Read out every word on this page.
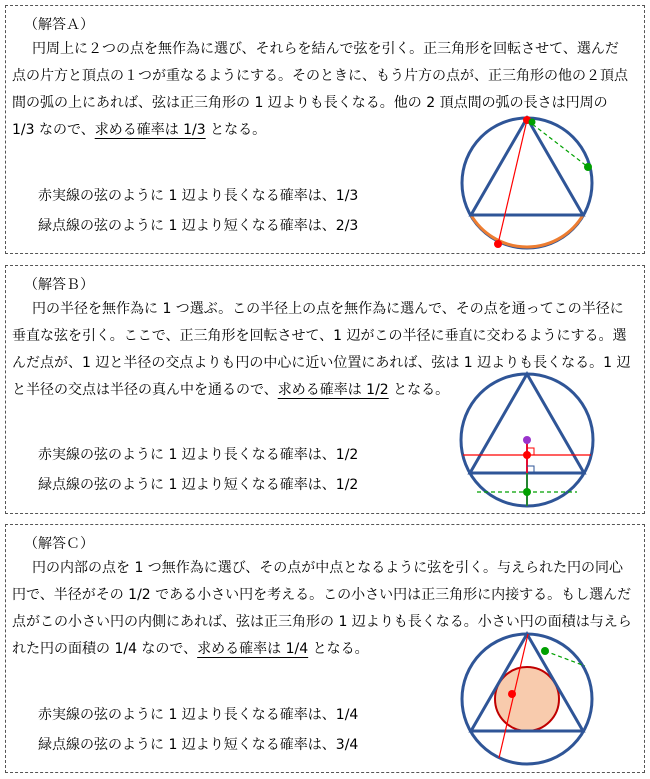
（解答Ａ）
円周上に２つの点を無作為に選び、それらを結んで弦を引く。正三角形を回転させて、選んだ点の片方と頂点の１つが重なるようにする。そのときに、もう片方の点が、正三角形の他の２頂点間の弧の上にあれば、弦は正三角形の 1 辺よりも長くなる。他の 2 頂点間の弧の長さは円周の 1/3 なので、求める確率は 1/3 となる。
赤実線の弦のように 1 辺より長くなる確率は、1/3
緑点線の弦のように 1 辺より短くなる確率は、2/3
（解答Ｂ）
円の半径を無作為に 1 つ選ぶ。この半径上の点を無作為に選んで、その点を通ってこの半径に垂直な弦を引く。ここで、正三角形を回転させて、1 辺がこの半径に垂直に交わるようにする。選んだ点が、1 辺と半径の交点よりも円の中心に近い位置にあれば、弦は 1 辺よりも長くなる。1 辺と半径の交点は半径の真ん中を通るので、求める確率は 1/2 となる。
赤実線の弦のように 1 辺より長くなる確率は、1/2
緑点線の弦のように 1 辺より短くなる確率は、1/2
（解答Ｃ）
円の内部の点を 1 つ無作為に選び、その点が中点となるように弦を引く。与えられた円の同心円で、半径がその 1/2 である小さい円を考える。この小さい円は正三角形に内接する。もし選んだ点がこの小さい円の内側にあれば、弦は正三角形の 1 辺よりも長くなる。小さい円の面積は与えられた円の面積の 1/4 なので、求める確率は 1/4 となる。
赤実線の弦のように 1 辺より長くなる確率は、1/4
緑点線の弦のように 1 辺より短くなる確率は、3/4
